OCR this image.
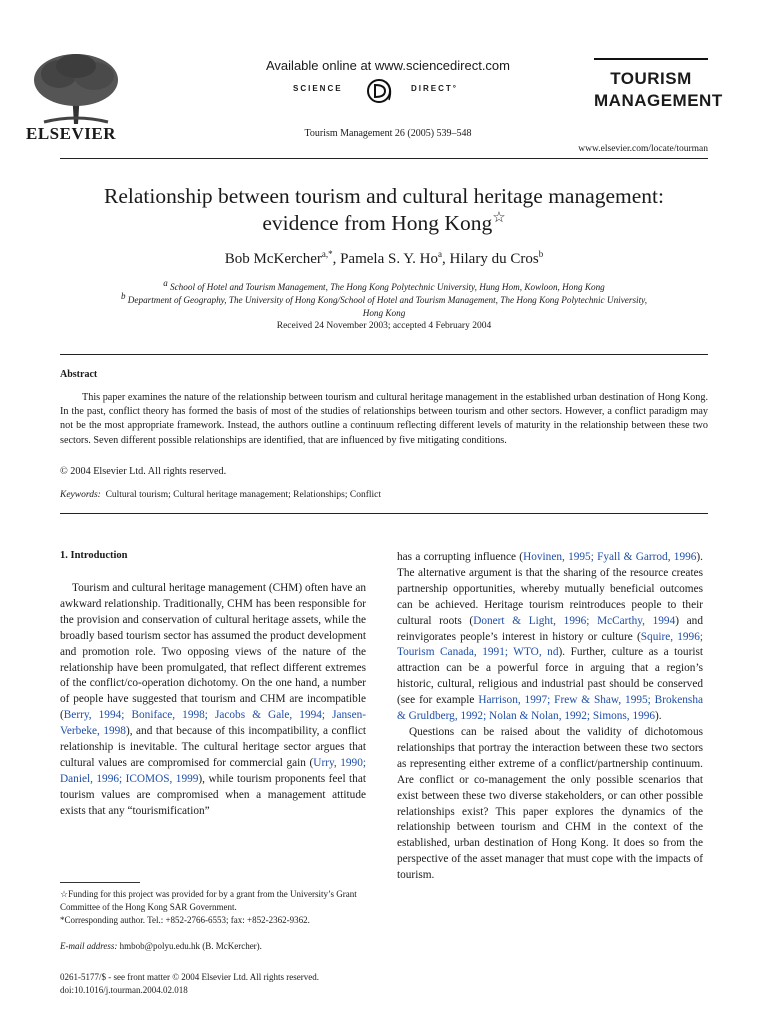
ELSEVIER
Available online at www.sciencedirect.com
SCIENCE	DIRECT°
Tourism Management 26 (2005) 539–548
TOURISM
MANAGEMENT
www.elsevier.com/locate/tourman
Relationship between tourism and cultural heritage management:
evidence from Hong Kong☆
Bob McKercher$^{a,*}$, Pamela S. Y. Ho$^a$, Hilary du Cros$^b$
$^a$ School of Hotel and Tourism Management, The Hong Kong Polytechnic University, Hung Hom, Kowloon, Hong Kong
$^b$ Department of Geography, The University of Hong Kong/School of Hotel and Tourism Management, The Hong Kong Polytechnic University,
Hong Kong
Received 24 November 2003; accepted 4 February 2004
Abstract

This paper examines the nature of the relationship between tourism and cultural heritage management in the established urban destination of Hong Kong. In the past, conflict theory has formed the basis of most of the studies of relationships between tourism and other sectors. However, a conflict paradigm may not be the most appropriate framework. Instead, the authors outline a continuum reflecting different levels of maturity in the relationship between these two sectors. Seven different possible relationships are identified, that are influenced by five mitigating conditions.

© 2004 Elsevier Ltd. All rights reserved.
Keywords: Cultural tourism; Cultural heritage management; Relationships; Conflict
1. Introduction

Tourism and cultural heritage management (CHM) often have an awkward relationship. Traditionally, CHM has been responsible for the provision and conservation of cultural heritage assets, while the broadly based tourism sector has assumed the product development and promotion role. Two opposing views of the nature of the relationship have been promulgated, that reflect different extremes of the conflict/co-operation dichotomy. On the one hand, a number of people have suggested that tourism and CHM are incompatible (Berry, 1994; Boniface, 1998; Jacobs & Gale, 1994; Jansen-Verbeke, 1998), and that because of this incompatibility, a conflict relationship is inevitable. The cultural heritage sector argues that cultural values are compromised for commercial gain (Urry, 1990; Daniel, 1996; ICOMOS, 1999), while tourism proponents feel that tourism values are compromised when a management attitude exists that any “tourismification”

has a corrupting influence (Hovinen, 1995; Fyall & Garrod, 1996). The alternative argument is that the sharing of the resource creates partnership opportunities, whereby mutually beneficial outcomes can be achieved. Heritage tourism reintroduces people to their cultural roots (Donert & Light, 1996; McCarthy, 1994) and reinvigorates people’s interest in history or culture (Squire, 1996; Tourism Canada, 1991; WTO, nd). Further, culture as a tourist attraction can be a powerful force in arguing that a region’s historic, cultural, religious and industrial past should be conserved (see for example Harrison, 1997; Frew & Shaw, 1995; Brokensha & Gruldberg, 1992; Nolan & Nolan, 1992; Simons, 1996).

Questions can be raised about the validity of dichotomous relationships that portray the interaction between these two sectors as representing either extreme of a conflict/partnership continuum. Are conflict or co-management the only possible scenarios that exist between these two diverse stakeholders, or can other possible relationships exist? This paper explores the dynamics of the relationship between tourism and CHM in the context of the established, urban destination of Hong Kong. It does so from the perspective of the asset manager that must cope with the impacts of tourism.

☆Funding for this project was provided for by a grant from the University’s Grant Committee of the Hong Kong SAR Government.
*Corresponding author. Tel.: +852-2766-6553; fax: +852-2362-9362.
E-mail address: hmbob@polyu.edu.hk (B. McKercher).
0261-5177/$ - see front matter © 2004 Elsevier Ltd. All rights reserved.
doi:10.1016/j.tourman.2004.02.018
